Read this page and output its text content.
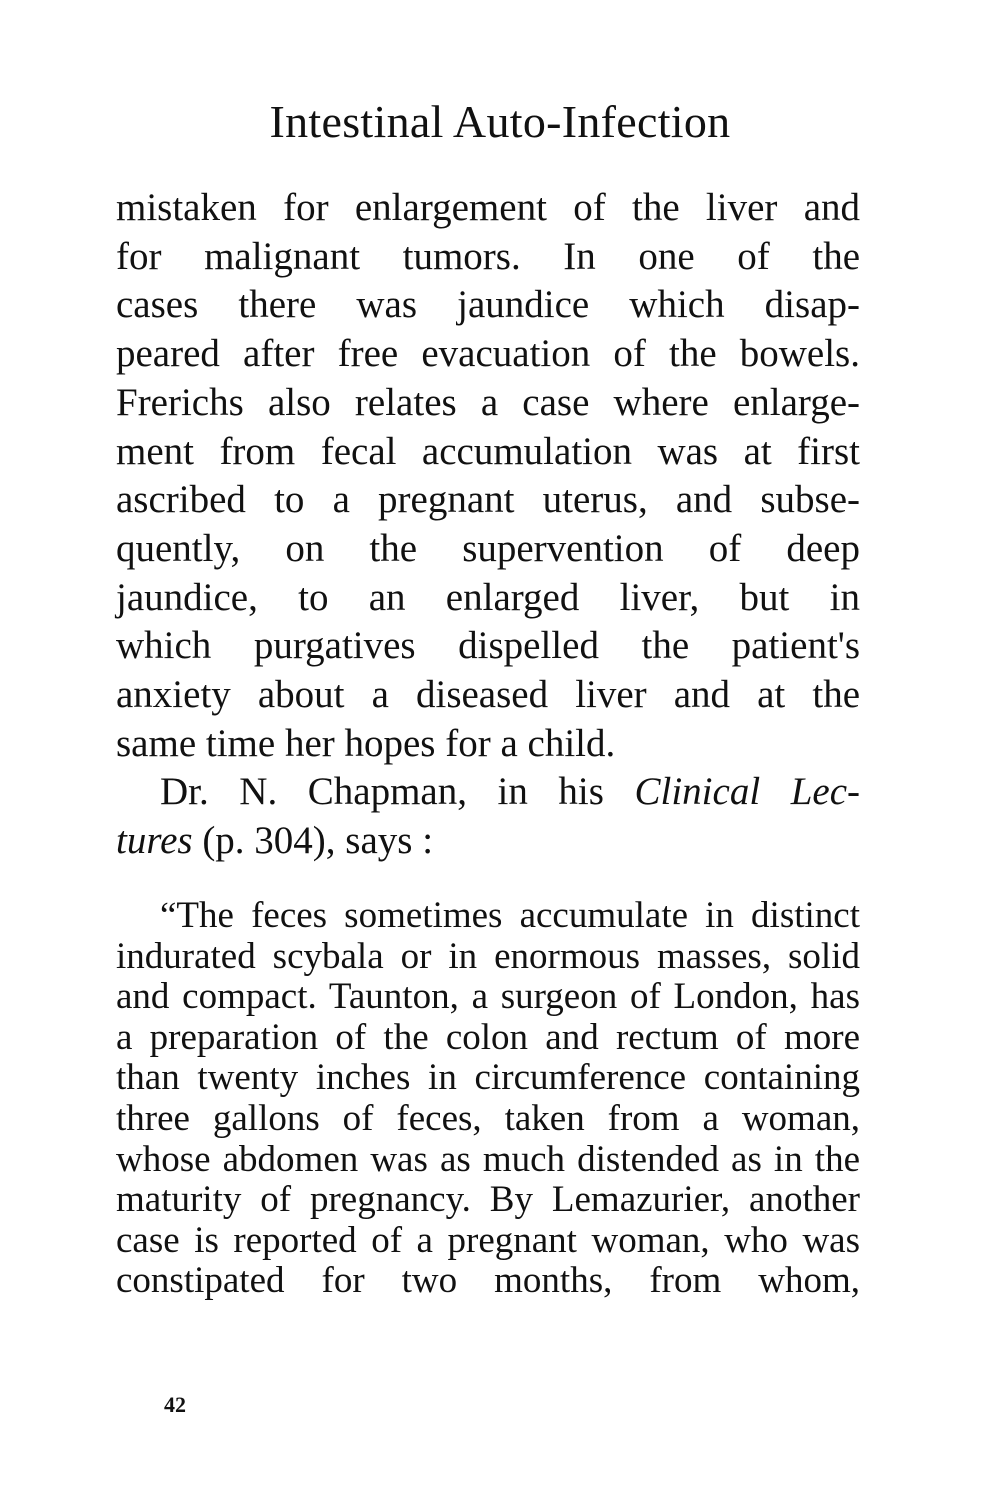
Intestinal Auto-Infection

mistaken for enlargement of the liver and

for malignant tumors. In one of the

cases there was jaundice which disap-

peared after free evacuation of the bowels.

Frerichs also relates a case where enlarge-

ment from fecal accumulation was at first

ascribed to a pregnant uterus, and subse-

quently, on the supervention of deep

jaundice, to an enlarged liver, but in

which purgatives dispelled the patient's

anxiety about a diseased liver and at the

same time her hopes for a child.

Dr. N. Chapman, in his Clinical Lec-

tures (p. 304), says :

“The feces sometimes accumulate in distinct indurated scybala or in enormous masses, solid and compact. Taunton, a surgeon of London, has a preparation of the colon and rectum of more than twenty inches in circumference containing three gallons of feces, taken from a woman, whose abdomen was as much distended as in the maturity of pregnancy. By Lemazurier, another case is reported of a pregnant woman, who was constipated for two months, from whom,

42
